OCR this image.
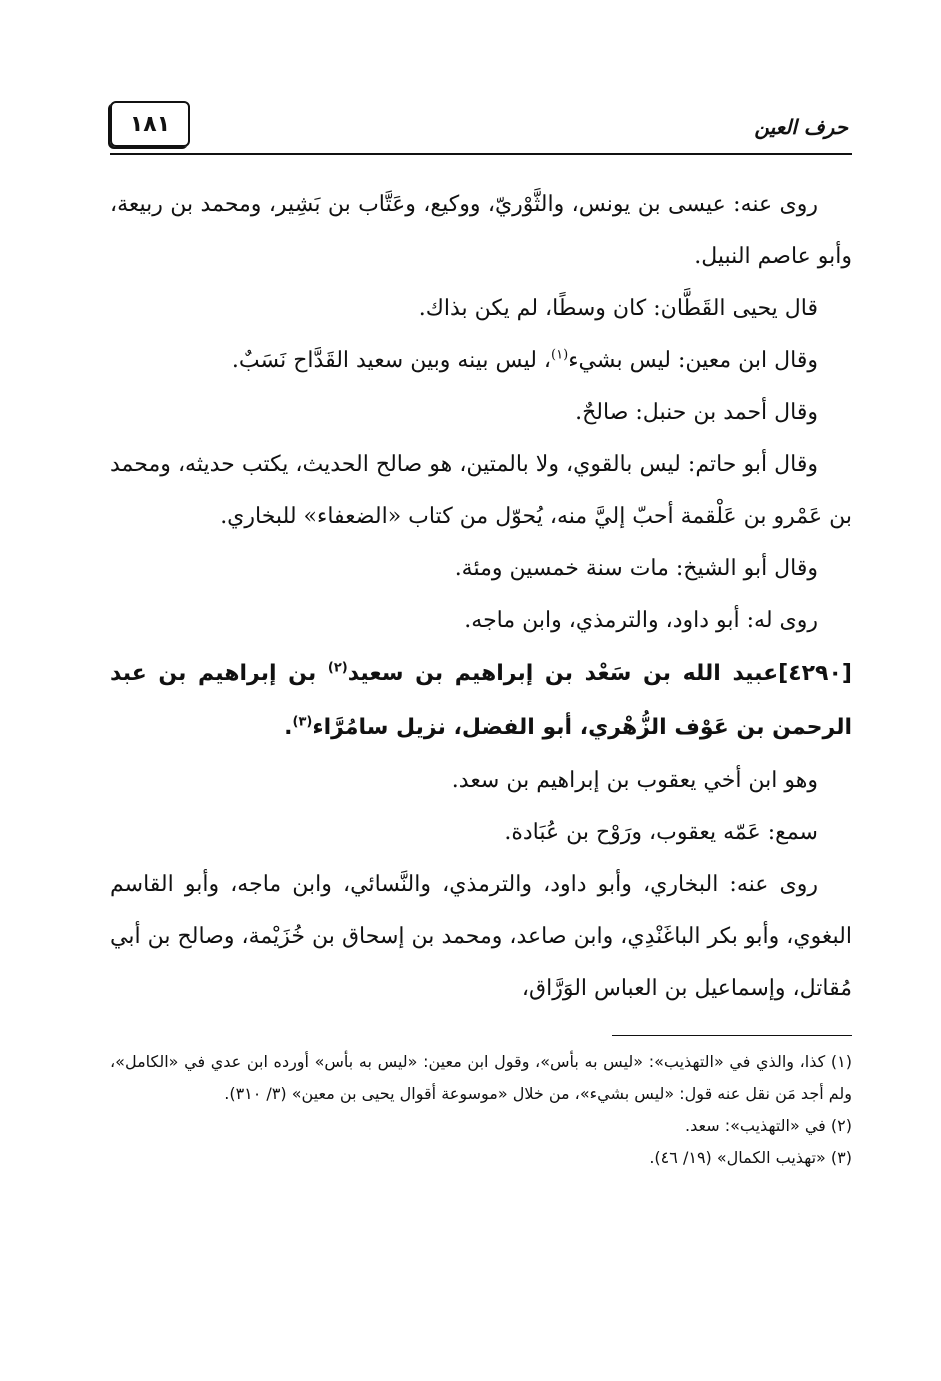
حرف العين
١٨١

روى عنه: عيسى بن يونس، والثَّوْريّ، ووكيع، وعَتَّاب بن بَشِير، ومحمد بن ربيعة، وأبو عاصم النبيل.

قال يحيى القَطَّان: كان وسطًا، لم يكن بذاك.

وقال ابن معين: ليس بشيء$^{(١)}$، ليس بينه وبين سعيد القَدَّاح نَسَبٌ.

وقال أحمد بن حنبل: صالحٌ.

وقال أبو حاتم: ليس بالقوي، ولا بالمتين، هو صالح الحديث، يكتب حديثه، ومحمد بن عَمْرو بن عَلْقمة أحبّ إليَّ منه، يُحوّل من كتاب «الضعفاء» للبخاري.

وقال أبو الشيخ: مات سنة خمسين ومئة.

روى له: أبو داود، والترمذي، وابن ماجه.

[٤٢٩٠]عبيد الله بن سَعْد بن إبراهيم بن سعيد$^{(٢)}$ بن إبراهيم بن عبد الرحمن بن عَوْف الزُّهْري، أبو الفضل، نزيل سامُرَّاء$^{(٣)}$.

وهو ابن أخي يعقوب بن إبراهيم بن سعد.

سمع: عَمّه يعقوب، ورَوْح بن عُبَادة.

روى عنه: البخاري، وأبو داود، والترمذي، والنَّسائي، وابن ماجه، وأبو القاسم البغوي، وأبو بكر الباغَنْدِي، وابن صاعد، ومحمد بن إسحاق بن خُزَيْمة، وصالح بن أبي مُقاتل، وإسماعيل بن العباس الوَرَّاق،

(١) كذا، والذي في «التهذيب»: «ليس به بأس»، وقول ابن معين: «ليس به بأس» أورده ابن عدي في «الكامل»، ولم أجد مَن نقل عنه قول: «ليس بشيء»، من خلال «موسوعة أقوال يحيى بن معين» (٣/ ٣١٠).

(٢) في «التهذيب»: سعد.

(٣) «تهذيب الكمال» (١٩/ ٤٦).
